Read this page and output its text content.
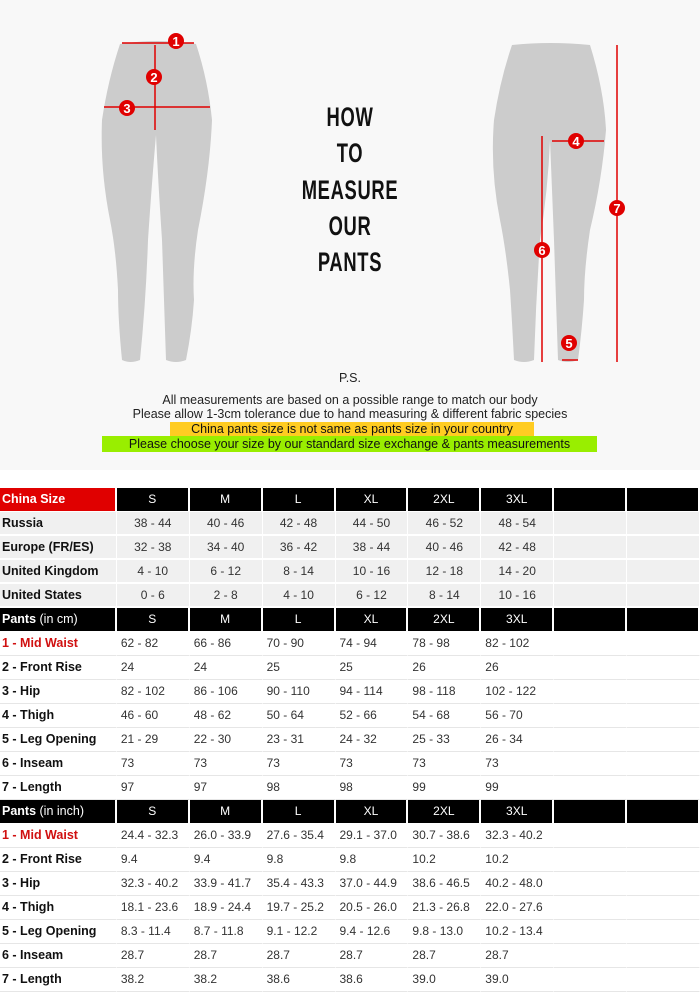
1
2
3
4
5
6
7
HOW
TO
MEASURE
OUR
PANTS
P.S.
All measurements are based on a possible range to match our body
Please allow 1-3cm tolerance due to hand measuring & different fabric species
China pants size is not same as pants size in your country
Please choose your size by our standard size exchange & pants measurements
China Size	S	M	L	XL	2XL	3XL
Russia	38 - 44	40 - 46	42 - 48	44 - 50	46 - 52	48 - 54
Europe (FR/ES)	32 - 38	34 - 40	36 - 42	38 - 44	40 - 46	42 - 48
United Kingdom	4 - 10	6 - 12	8 - 14	10 - 16	12 - 18	14 - 20
United States	0 - 6	2 - 8	4 - 10	6 - 12	8 - 14	10 - 16
Pants (in cm)	S	M	L	XL	2XL	3XL
1 - Mid Waist	62 - 82	66 - 86	70 - 90	74 - 94	78 - 98	82 - 102
2 - Front Rise	24	24	25	25	26	26
3 - Hip	82 - 102	86 - 106	90 - 110	94 - 114	98 - 118	102 - 122
4 - Thigh	46 - 60	48 - 62	50 - 64	52 - 66	54 - 68	56 - 70
5 - Leg Opening	21 - 29	22 - 30	23 - 31	24 - 32	25 - 33	26 - 34
6 - Inseam	73	73	73	73	73	73
7 - Length	97	97	98	98	99	99
Pants (in inch)	S	M	L	XL	2XL	3XL
1 - Mid Waist	24.4 - 32.3	26.0 - 33.9	27.6 - 35.4	29.1 - 37.0	30.7 - 38.6	32.3 - 40.2
2 - Front Rise	9.4	9.4	9.8	9.8	10.2	10.2
3 - Hip	32.3 - 40.2	33.9 - 41.7	35.4 - 43.3	37.0 - 44.9	38.6 - 46.5	40.2 - 48.0
4 - Thigh	18.1 - 23.6	18.9 - 24.4	19.7 - 25.2	20.5 - 26.0	21.3 - 26.8	22.0 - 27.6
5 - Leg Opening	8.3 - 11.4	8.7 - 11.8	9.1 - 12.2	9.4 - 12.6	9.8 - 13.0	10.2 - 13.4
6 - Inseam	28.7	28.7	28.7	28.7	28.7	28.7
7 - Length	38.2	38.2	38.6	38.6	39.0	39.0
